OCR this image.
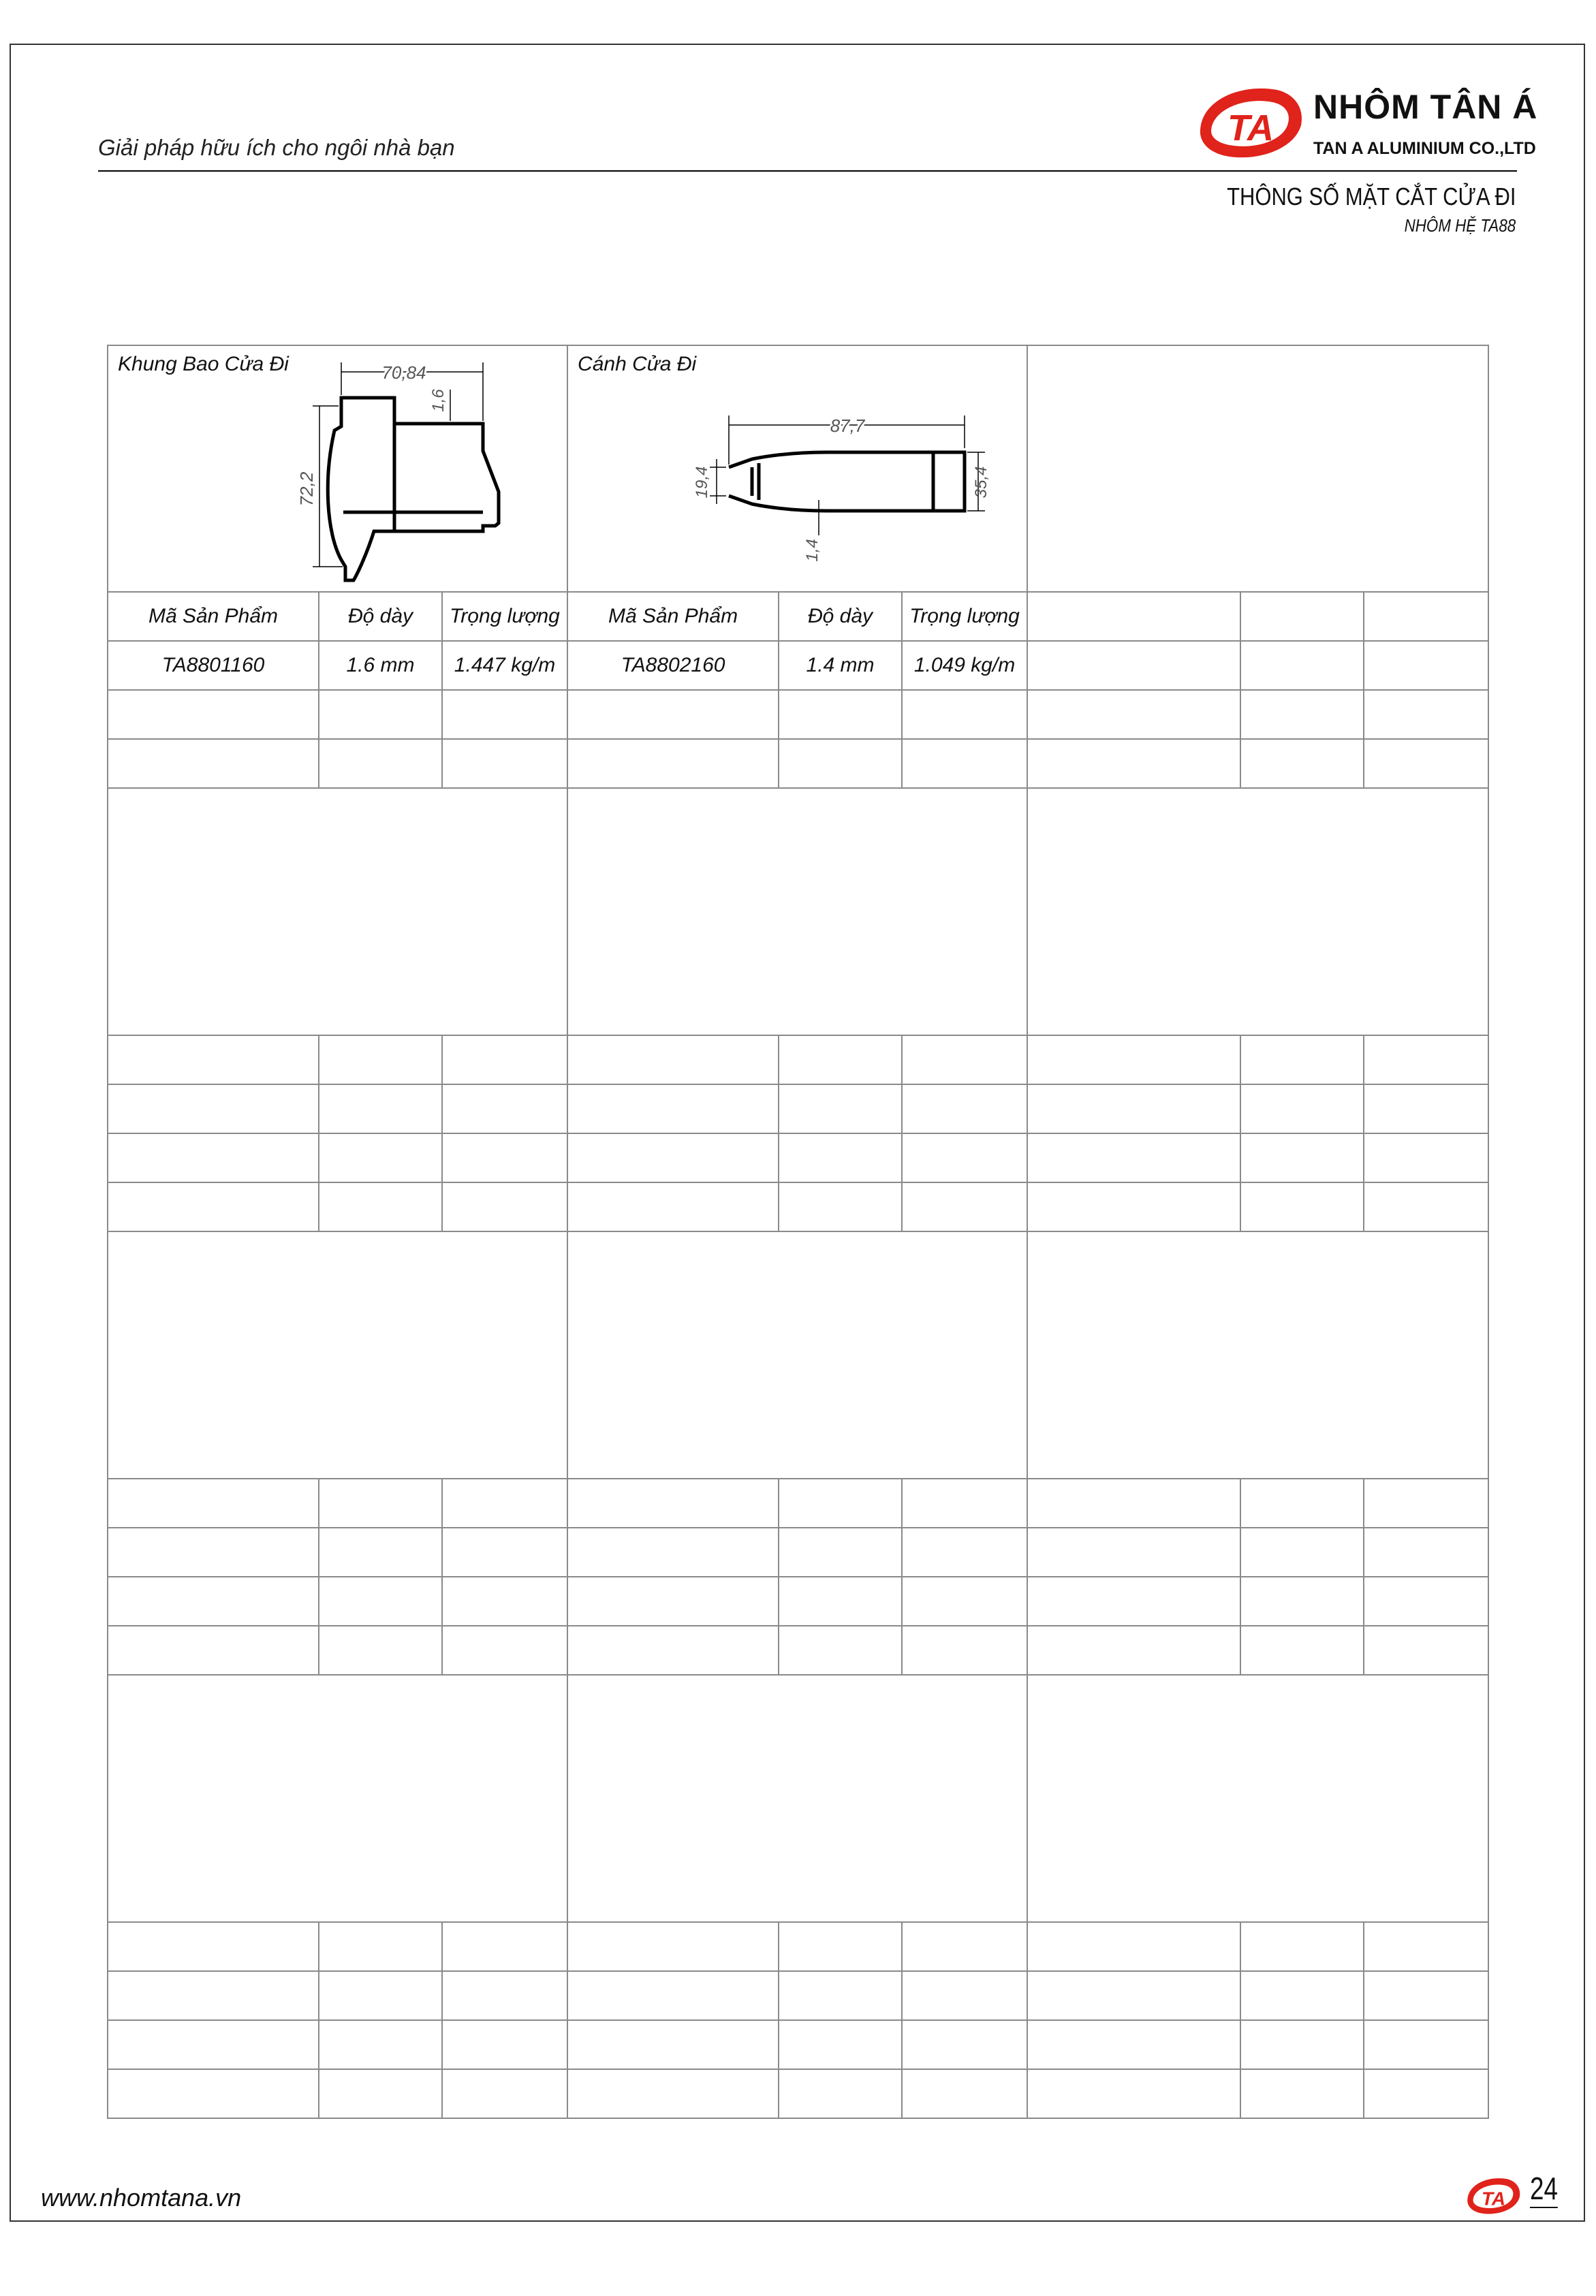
Giải pháp hữu ích cho ngôi nhà bạn	TA
NHÔM TÂN Á
TAN A ALUMINIUM CO.,LTD
THÔNG SỐ MẶT CẮT CỬA ĐI
NHÔM HỆ TA88
Khung Bao Cửa Đi 70,84
72,2
1,6			Cánh Cửa Đi
87,7
19,4 35,4
1,4					

Mã Sản Phẩm	Độ dày	Trọng lượng	Mã Sản Phẩm	Độ dày	Trọng lượng			
TA8801160	1.6 mm	1.447 kg/m	TA8802160	1.4 mm	1.049 kg/m			

www.nhomtana.vn	TA 24
